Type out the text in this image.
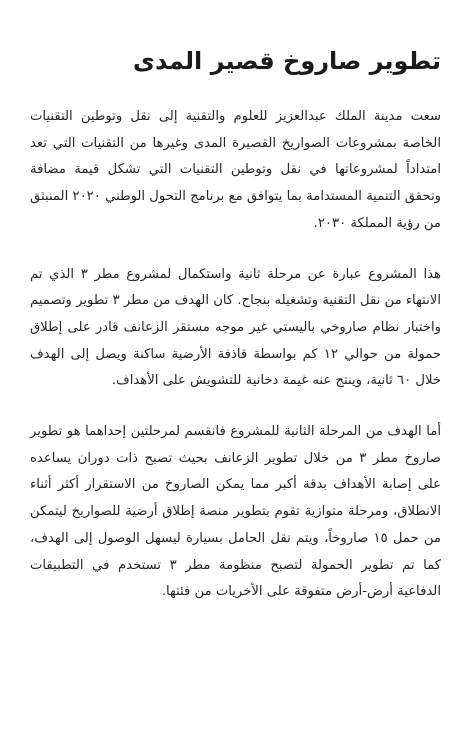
تطوير صاروخ قصير المدى

سعت مدينة الملك عبدالعزيز للعلوم والتقنية إلى نقل وتوطين التقنيات الخاصة بمشروعات الصواريخ القصيرة المدى وغيرها من التقنيات التي تعد امتداداً لمشروعاتها في نقل وتوطين التقنيات التي تشكل قيمة مضافة وتحقق التنمية المستدامة بما يتوافق مع برنامج التحول الوطني ٢٠٢٠ المنبثق من رؤية المملكة ٢٠٣٠.

هذا المشروع عبارة عن مرحلة ثانية واستكمال لمشروع مطر ٣ الذي تم الانتهاء من نقل التقنية وتشغيله بنجاح. كان الهدف من مطر ٣ تطوير وتصميم واختبار نظام صاروخي باليستي غير موجه مستقر الزعانف قادر على إطلاق حمولة من حوالي ١٢ كم بواسطة قاذفة الأرضية ساكنة ويصل إلى الهدف خلال ٦٠ ثانية، وينتج عنه غيمة دخانية للتشويش على الأهداف.

أما الهدف من المرحلة الثانية للمشروع فانقسم لمرحلتين إحداهما هو تطوير صاروخ مطر ٣ من خلال تطوير الزعانف بحيث تصبح ذات دوران يساعده على إصابة الأهداف بدقة أكبر مما يمكن الصاروخ من الاستقرار أكثر أثناء الانطلاق، ومرحلة متوازية تقوم بتطوير منصة إطلاق أرضية للصواريخ ليتمكن من حمل ١٥ صاروخاً، ويتم نقل الحامل بسيارة ليسهل الوصول إلى الهدف، كما تم تطوير الحمولة لتصبح منظومة مطر ٣ تستخدم في التطبيقات الدفاعية أرض-أرض متفوقة على الأخريات من فئتها.
